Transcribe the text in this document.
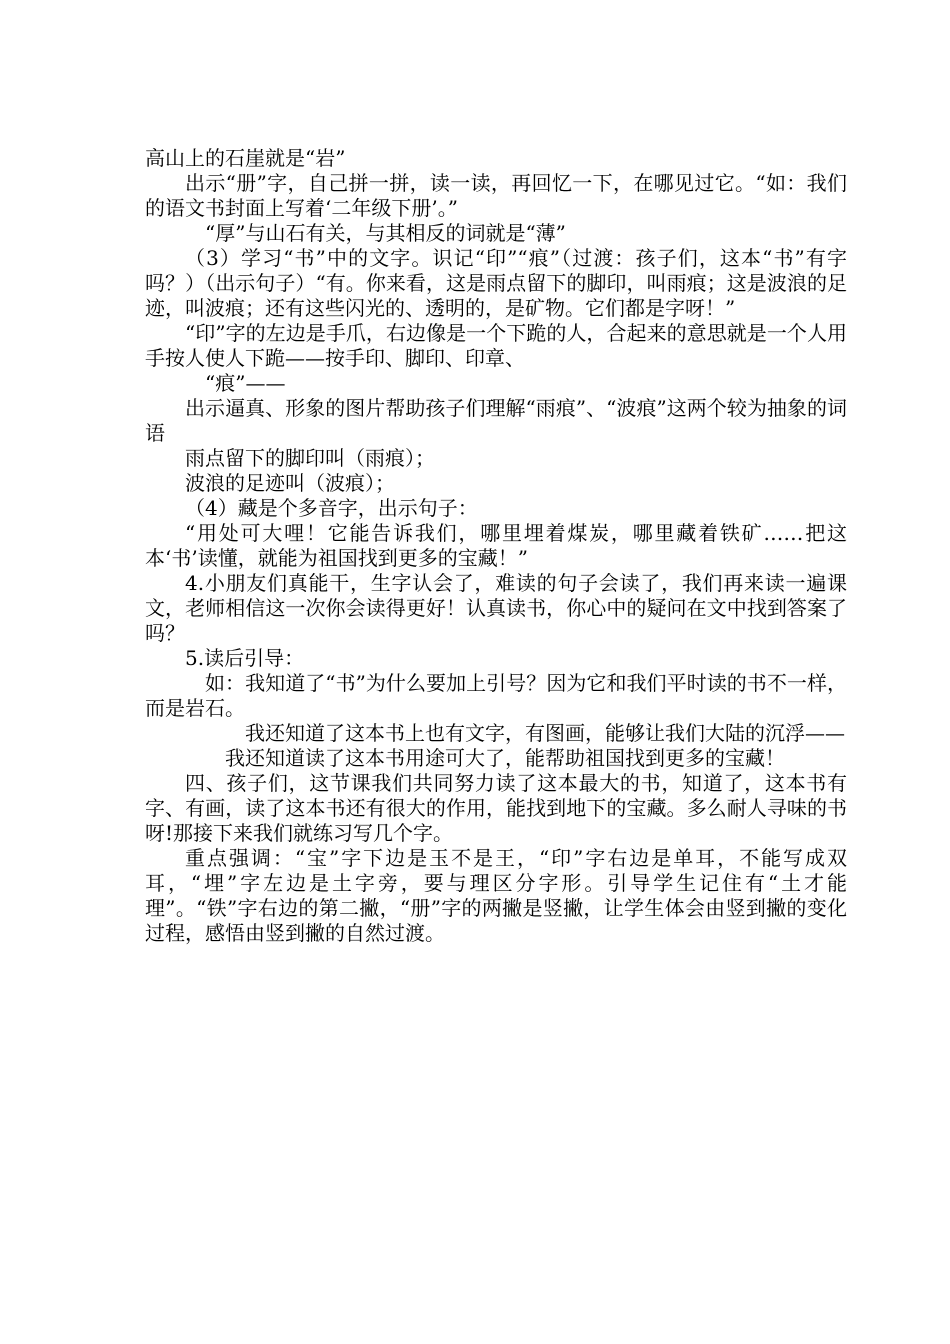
高山上的石崖就是“岩”

出示“册”字，自己拼一拼，读一读，再回忆一下，在哪见过它。“如：我们的语文书封面上写着‘二年级下册’。”

“厚”与山石有关，与其相反的词就是“薄”

（3）学习“书”中的文字。识记“印”“痕”（过渡：孩子们，这本“书”有字吗？）（出示句子）“有。你来看，这是雨点留下的脚印，叫雨痕；这是波浪的足迹，叫波痕；还有这些闪光的、透明的，是矿物。它们都是字呀！”

“印”字的左边是手爪，右边像是一个下跪的人，合起来的意思就是一个人用手按人使人下跪——按手印、脚印、印章、

“痕”——

出示逼真、形象的图片帮助孩子们理解“雨痕”、“波痕”这两个较为抽象的词语

雨点留下的脚印叫（雨痕）；

波浪的足迹叫（波痕）；

（4）藏是个多音字，出示句子：

“用处可大哩！它能告诉我们，哪里埋着煤炭，哪里藏着铁矿……把这本‘书’读懂，就能为祖国找到更多的宝藏！”

4.小朋友们真能干，生字认会了，难读的句子会读了，我们再来读一遍课文，老师相信这一次你会读得更好！认真读书，你心中的疑问在文中找到答案了吗？

5.读后引导：

如：我知道了“书”为什么要加上引号？因为它和我们平时读的书不一样，而是岩石。

我还知道了这本书上也有文字，有图画，能够让我们大陆的沉浮——

我还知道读了这本书用途可大了，能帮助祖国找到更多的宝藏！

四、孩子们，这节课我们共同努力读了这本最大的书，知道了，这本书有字、有画，读了这本书还有很大的作用，能找到地下的宝藏。多么耐人寻味的书呀!那接下来我们就练习写几个字。

重点强调：“宝”字下边是玉不是王，“印”字右边是单耳，不能写成双耳，“埋”字左边是土字旁，要与理区分字形。引导学生记住有“土才能理”。“铁”字右边的第二撇，“册”字的两撇是竖撇，让学生体会由竖到撇的变化过程，感悟由竖到撇的自然过渡。
